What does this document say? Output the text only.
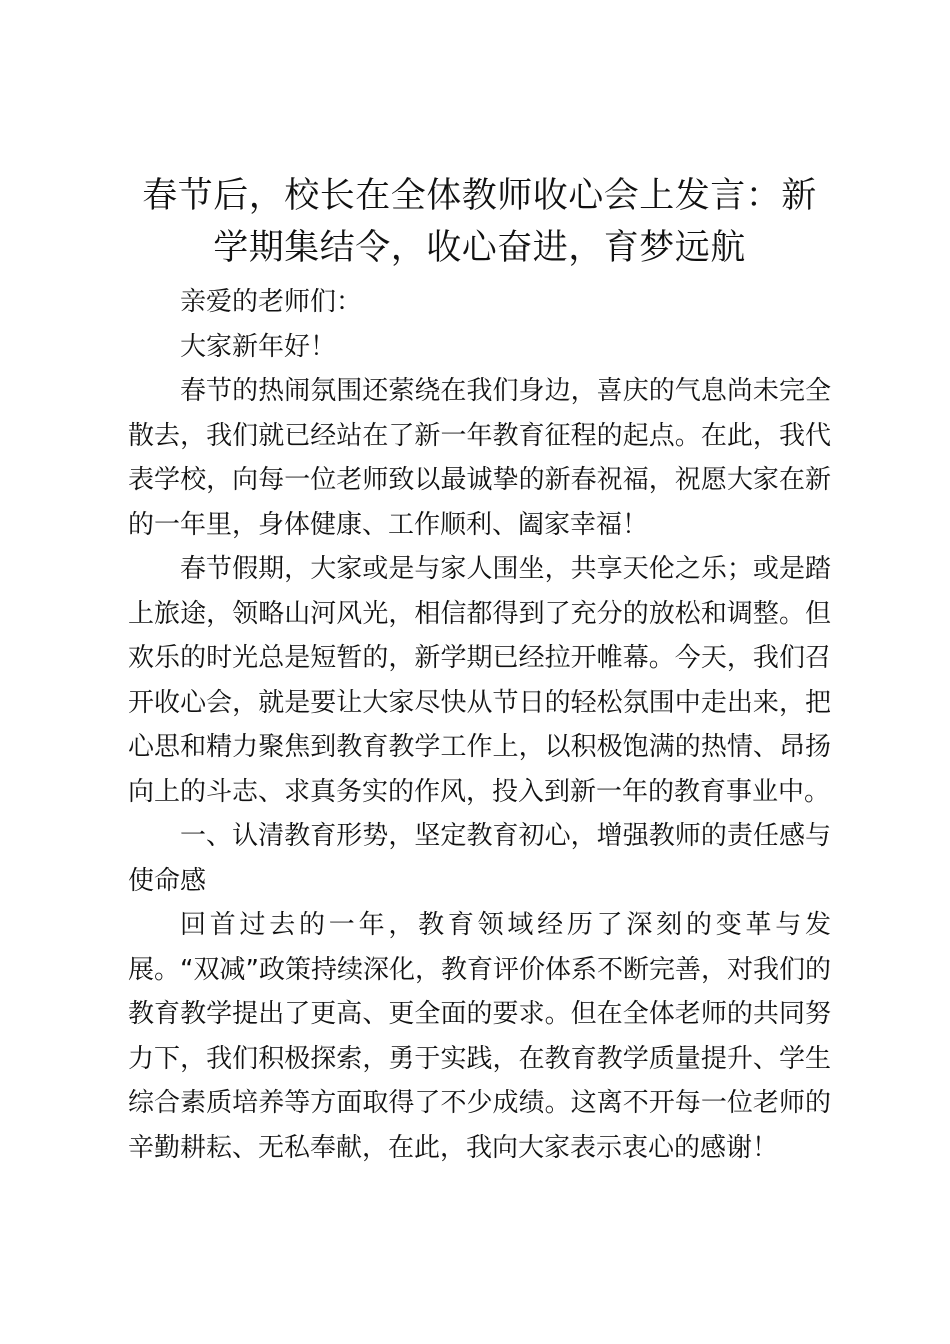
春节后，校长在全体教师收心会上发言：新学期集结令，收心奋进，育梦远航

亲爱的老师们：

大家新年好！

春节的热闹氛围还萦绕在我们身边，喜庆的气息尚未完全散去，我们就已经站在了新一年教育征程的起点。在此，我代表学校，向每一位老师致以最诚挚的新春祝福，祝愿大家在新的一年里，身体健康、工作顺利、阖家幸福！

春节假期，大家或是与家人围坐，共享天伦之乐；或是踏上旅途，领略山河风光，相信都得到了充分的放松和调整。但欢乐的时光总是短暂的，新学期已经拉开帷幕。今天，我们召开收心会，就是要让大家尽快从节日的轻松氛围中走出来，把心思和精力聚焦到教育教学工作上，以积极饱满的热情、昂扬向上的斗志、求真务实的作风，投入到新一年的教育事业中。

一、认清教育形势，坚定教育初心，增强教师的责任感与使命感

回首过去的一年，教育领域经历了深刻的变革与发展。“双减”政策持续深化，教育评价体系不断完善，对我们的教育教学提出了更高、更全面的要求。但在全体老师的共同努力下，我们积极探索，勇于实践，在教育教学质量提升、学生综合素质培养等方面取得了不少成绩。这离不开每一位老师的辛勤耕耘、无私奉献，在此，我向大家表示衷心的感谢！
